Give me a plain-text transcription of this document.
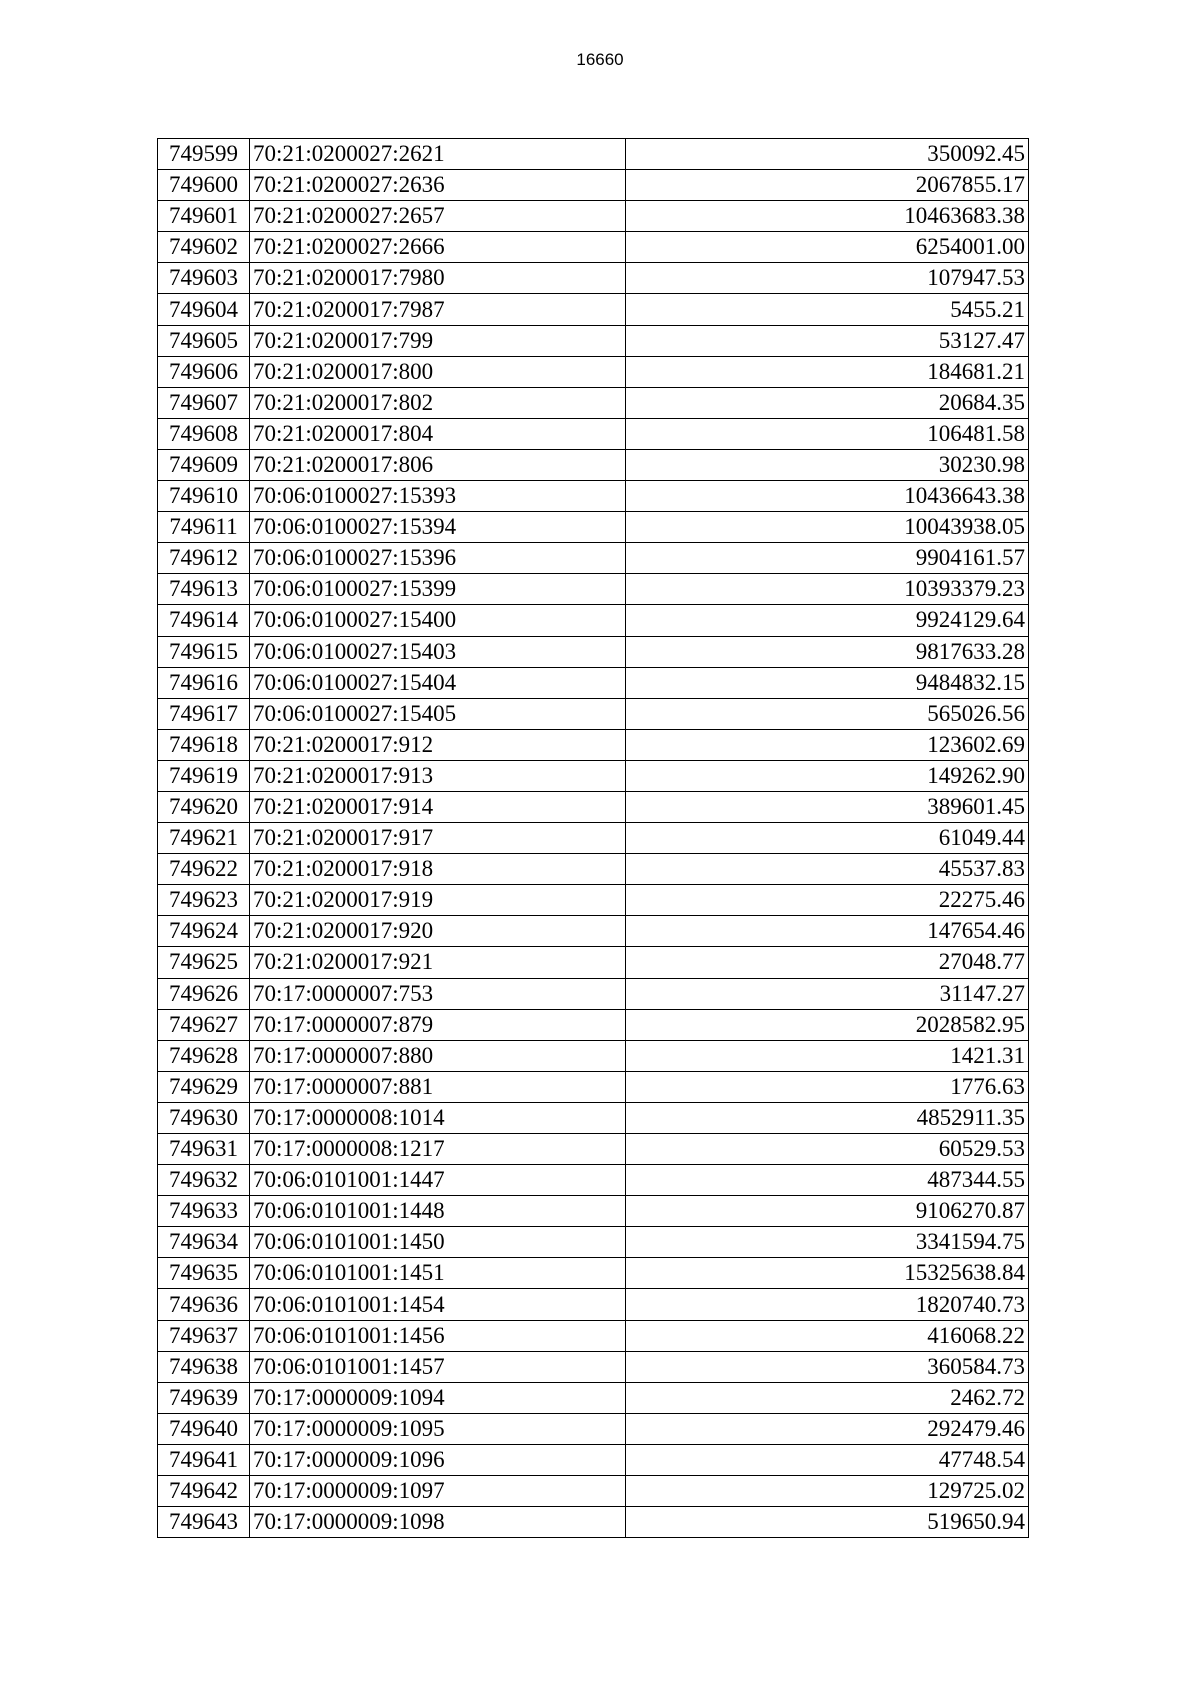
16660
749599	70:21:0200027:2621	350092.45
749600	70:21:0200027:2636	2067855.17
749601	70:21:0200027:2657	10463683.38
749602	70:21:0200027:2666	6254001.00
749603	70:21:0200017:7980	107947.53
749604	70:21:0200017:7987	5455.21
749605	70:21:0200017:799	53127.47
749606	70:21:0200017:800	184681.21
749607	70:21:0200017:802	20684.35
749608	70:21:0200017:804	106481.58
749609	70:21:0200017:806	30230.98
749610	70:06:0100027:15393	10436643.38
749611	70:06:0100027:15394	10043938.05
749612	70:06:0100027:15396	9904161.57
749613	70:06:0100027:15399	10393379.23
749614	70:06:0100027:15400	9924129.64
749615	70:06:0100027:15403	9817633.28
749616	70:06:0100027:15404	9484832.15
749617	70:06:0100027:15405	565026.56
749618	70:21:0200017:912	123602.69
749619	70:21:0200017:913	149262.90
749620	70:21:0200017:914	389601.45
749621	70:21:0200017:917	61049.44
749622	70:21:0200017:918	45537.83
749623	70:21:0200017:919	22275.46
749624	70:21:0200017:920	147654.46
749625	70:21:0200017:921	27048.77
749626	70:17:0000007:753	31147.27
749627	70:17:0000007:879	2028582.95
749628	70:17:0000007:880	1421.31
749629	70:17:0000007:881	1776.63
749630	70:17:0000008:1014	4852911.35
749631	70:17:0000008:1217	60529.53
749632	70:06:0101001:1447	487344.55
749633	70:06:0101001:1448	9106270.87
749634	70:06:0101001:1450	3341594.75
749635	70:06:0101001:1451	15325638.84
749636	70:06:0101001:1454	1820740.73
749637	70:06:0101001:1456	416068.22
749638	70:06:0101001:1457	360584.73
749639	70:17:0000009:1094	2462.72
749640	70:17:0000009:1095	292479.46
749641	70:17:0000009:1096	47748.54
749642	70:17:0000009:1097	129725.02
749643	70:17:0000009:1098	519650.94
